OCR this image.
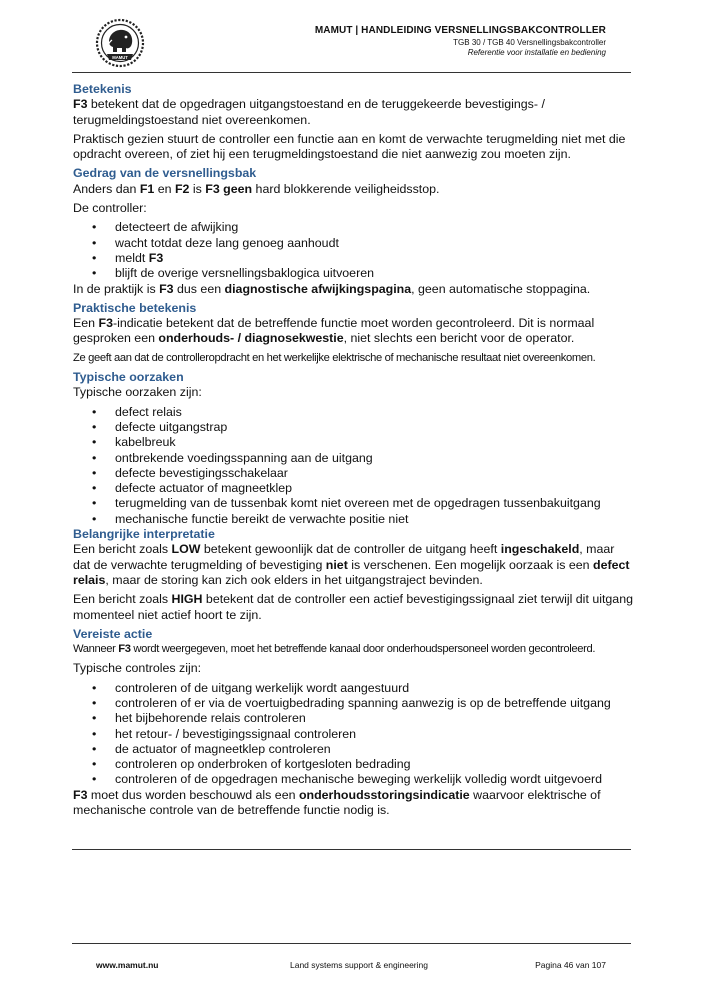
MAMUT
MAMUT | HANDLEIDING VERSNELLINGSBAKCONTROLLER
TGB 30 / TGB 40 Versnellingsbakcontroller
Referentie voor installatie en bediening
Betekenis

F3 betekent dat de opgedragen uitgangstoestand en de teruggekeerde bevestigings- / terugmeldingstoestand niet overeenkomen.

Praktisch gezien stuurt de controller een functie aan en komt de verwachte terugmelding niet met die opdracht overeen, of ziet hij een terugmeldingstoestand die niet aanwezig zou moeten zijn.

Gedrag van de versnellingsbak

Anders dan F1 en F2 is F3 geen hard blokkerende veiligheidsstop.

De controller:

• detecteert de afwijking
• wacht totdat deze lang genoeg aanhoudt
• meldt F3
• blijft de overige versnellingsbaklogica uitvoeren

In de praktijk is F3 dus een diagnostische afwijkingspagina, geen automatische stoppagina.

Praktische betekenis

Een F3-indicatie betekent dat de betreffende functie moet worden gecontroleerd. Dit is normaal gesproken een onderhouds- / diagnosekwestie, niet slechts een bericht voor de operator.

Ze geeft aan dat de controlleropdracht en het werkelijke elektrische of mechanische resultaat niet overeenkomen.

Typische oorzaken

Typische oorzaken zijn:

• defect relais
• defecte uitgangstrap
• kabelbreuk
• ontbrekende voedingsspanning aan de uitgang
• defecte bevestigingsschakelaar
• defecte actuator of magneetklep
• terugmelding van de tussenbak komt niet overeen met de opgedragen tussenbakuitgang
• mechanische functie bereikt de verwachte positie niet
Belangrijke interpretatie

Een bericht zoals LOW betekent gewoonlijk dat de controller de uitgang heeft ingeschakeld, maar dat de verwachte terugmelding of bevestiging niet is verschenen. Een mogelijk oorzaak is een defect relais, maar de storing kan zich ook elders in het uitgangstraject bevinden.

Een bericht zoals HIGH betekent dat de controller een actief bevestigingssignaal ziet terwijl dit uitgang momenteel niet actief hoort te zijn.

Vereiste actie

Wanneer F3 wordt weergegeven, moet het betreffende kanaal door onderhoudspersoneel worden gecontroleerd.

Typische controles zijn:

• controleren of de uitgang werkelijk wordt aangestuurd
• controleren of er via de voertuigbedrading spanning aanwezig is op de betreffende uitgang
• het bijbehorende relais controleren
• het retour- / bevestigingssignaal controleren
• de actuator of magneetklep controleren
• controleren op onderbroken of kortgesloten bedrading
• controleren of de opgedragen mechanische beweging werkelijk volledig wordt uitgevoerd

F3 moet dus worden beschouwd als een onderhoudsstoringsindicatie waarvoor elektrische of mechanische controle van de betreffende functie nodig is.

www.mamut.nu	Land systems support & engineering	Pagina 46 van 107
